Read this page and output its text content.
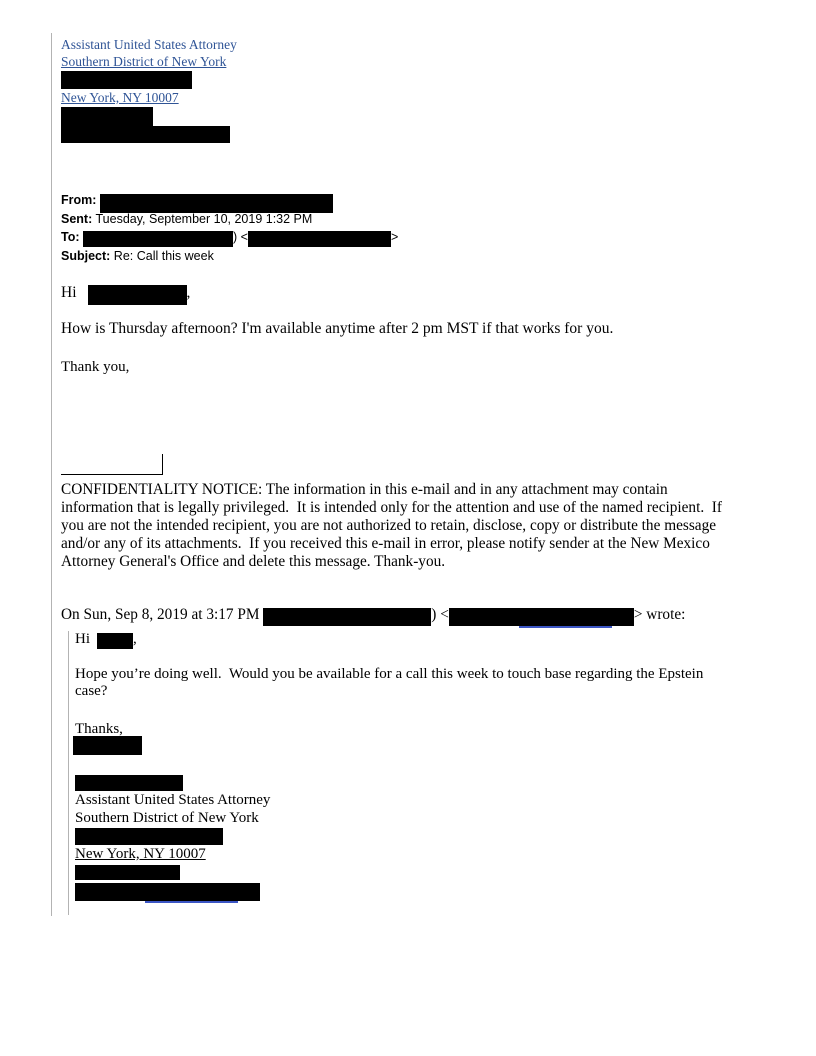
Assistant United States Attorney
Southern District of New York
New York, NY 10007
From:
Sent: Tuesday, September 10, 2019 1:32 PM
To:	) <	>
Subject: Re: Call this week
Hi	,

How is Thursday afternoon? I'm available anytime after 2 pm MST if that works for you.

Thank you,

CONFIDENTIALITY NOTICE: The information in this e-mail and in any attachment may contain
information that is legally privileged.  It is intended only for the attention and use of the named recipient.  If
you are not the intended recipient, you are not authorized to retain, disclose, copy or distribute the message
and/or any of its attachments.  If you received this e-mail in error, please notify sender at the New Mexico
Attorney General's Office and delete this message. Thank-you.
On Sun, Sep 8, 2019 at 3:17 PM	) <	> wrote:
Hi	,
Hope you’re doing well.  Would you be available for a call this week to touch base regarding the Epstein
case?
Thanks,
Assistant United States Attorney
Southern District of New York
New York, NY 10007
